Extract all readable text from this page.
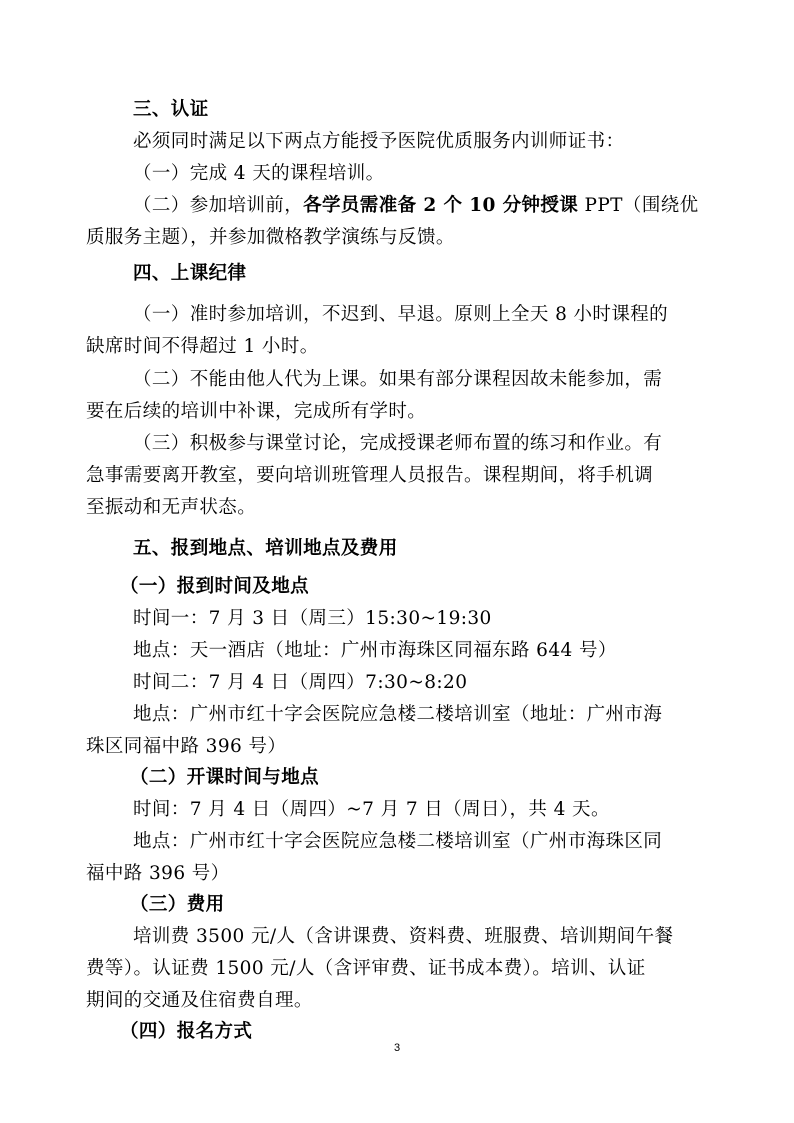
三、认证
必须同时满足以下两点方能授予医院优质服务内训师证书：
（一）完成 4 天的课程培训。
（二）参加培训前，各学员需准备 2 个 10 分钟授课 PPT（围绕优
质服务主题），并参加微格教学演练与反馈。
四、上课纪律
（一）准时参加培训，不迟到、早退。原则上全天 8 小时课程的
缺席时间不得超过 1 小时。
（二）不能由他人代为上课。如果有部分课程因故未能参加，需
要在后续的培训中补课，完成所有学时。
（三）积极参与课堂讨论，完成授课老师布置的练习和作业。有
急事需要离开教室，要向培训班管理人员报告。课程期间，将手机调
至振动和无声状态。
五、报到地点、培训地点及费用
（一）报到时间及地点
时间一：7 月 3 日（周三）15:30~19:30
地点：天一酒店（地址：广州市海珠区同福东路 644 号）
时间二：7 月 4 日（周四）7:30~8:20
地点：广州市红十字会医院应急楼二楼培训室（地址：广州市海
珠区同福中路 396 号）
（二）开课时间与地点
时间：7 月 4 日（周四）~7 月 7 日（周日），共 4 天。
地点：广州市红十字会医院应急楼二楼培训室（广州市海珠区同
福中路 396 号）
（三）费用
培训费 3500 元/人（含讲课费、资料费、班服费、培训期间午餐
费等）。认证费 1500 元/人（含评审费、证书成本费）。培训、认证
期间的交通及住宿费自理。
（四）报名方式
3
